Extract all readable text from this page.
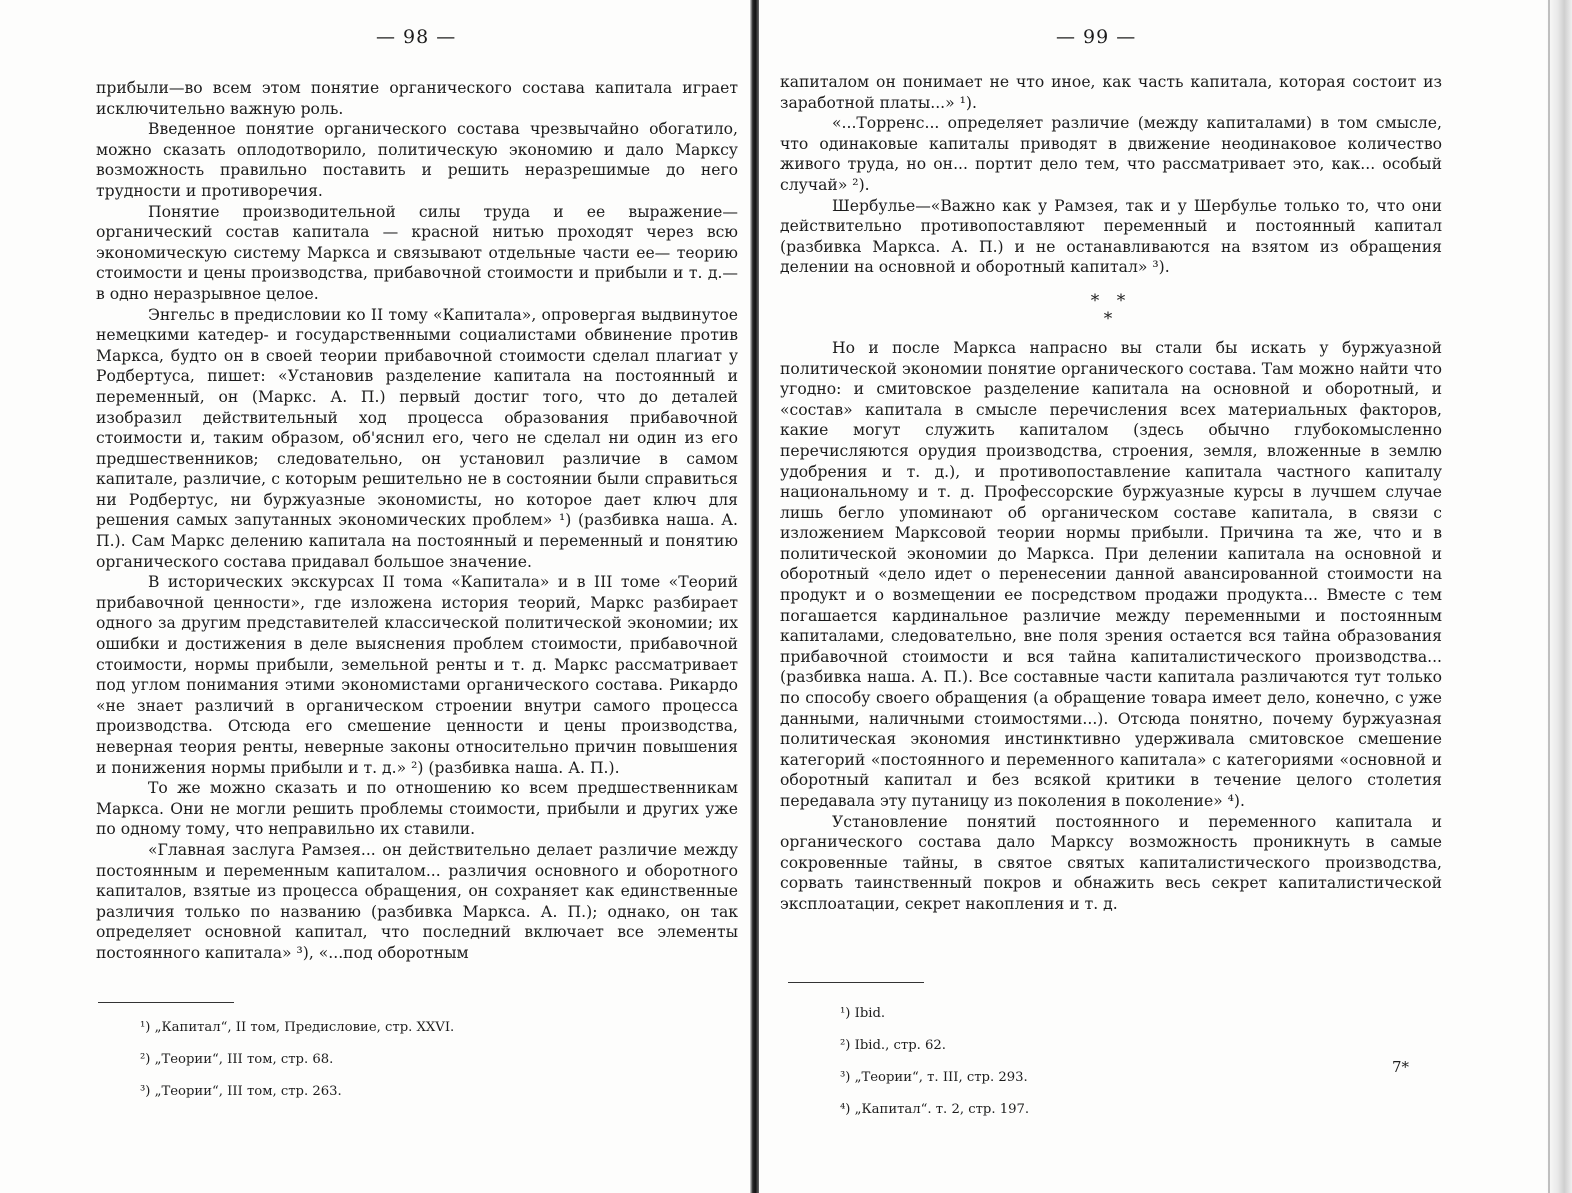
— 98 —

прибыли—во всем этом понятие органического состава капитала играет исключительно важную роль.

Введенное понятие органического состава чрезвычайно обогатило, можно сказать оплодотворило, политическую экономию и дало Марксу возможность правильно поставить и решить неразрешимые до него трудности и противоречия.

Понятие производительной силы труда и ее выражение—органический состав капитала — красной нитью проходят через всю экономическую систему Маркса и связывают отдельные части ее— теорию стоимости и цены производства, прибавочной стоимости и прибыли и т. д.—в одно неразрывное целое.

Энгельс в предисловии ко II тому «Капитала», опровергая выдвинутое немецкими катедер- и государственными социалистами обвинение против Маркса, будто он в своей теории прибавочной стоимости сделал плагиат у Родбертуса, пишет: «Установив разделение капитала на постоянный и переменный, он (Маркс. А. П.) первый достиг того, что до деталей изобразил действительный ход процесса образования прибавочной стоимости и, таким образом, об'яснил его, чего не сделал ни один из его предшественников; следовательно, он установил различие в самом капитале, различие, с которым решительно не в состоянии были справиться ни Родбертус, ни буржуазные экономисты, но которое дает ключ для решения самых запутанных экономических проблем» ¹) (разбивка наша. А. П.). Сам Маркс делению капитала на постоянный и переменный и понятию органического состава придавал большое значение.

В исторических экскурсах II тома «Капитала» и в III томе «Теорий прибавочной ценности», где изложена история теорий, Маркс разбирает одного за другим представителей классической политической экономии; их ошибки и достижения в деле выяснения проблем стоимости, прибавочной стоимости, нормы прибыли, земельной ренты и т. д. Маркс рассматривает под углом понимания этими экономистами органического состава. Рикардо «не знает различий в органическом строении внутри самого процесса производства. Отсюда его смешение ценности и цены производства, неверная теория ренты, неверные законы относительно причин повышения и понижения нормы прибыли и т. д.» ²) (разбивка наша. А. П.).

То же можно сказать и по отношению ко всем предшественникам Маркса. Они не могли решить проблемы стоимости, прибыли и других уже по одному тому, что неправильно их ставили.

«Главная заслуга Рамзея... он действительно делает различие между постоянным и переменным капиталом... различия основного и оборотного капиталов, взятые из процесса обращения, он сохраняет как единственные различия только по названию (разбивка Маркса. А. П.); однако, он так определяет основной капитал, что последний включает все элементы постоянного капитала» ³), «...под оборотным

¹) „Капитал“, II том, Предисловие, стр. XXVI.

²) „Теории“, III том, стр. 68.

³) „Теории“, III том, стр. 263.

— 99 —

капиталом он понимает не что иное, как часть капитала, которая состоит из заработной платы...» ¹).

«...Торренс... определяет различие (между капиталами) в том смысле, что одинаковые капиталы приводят в движение неодинаковое количество живого труда, но он... портит дело тем, что рассматривает это, как... особый случай» ²).

Шербулье—«Важно как у Рамзея, так и у Шербулье только то, что они действительно противопоставляют переменный и постоянный капитал (разбивка Маркса. А. П.) и не останавливаются на взятом из обращения делении на основной и оборотный капитал» ³).

* *
*

Но и после Маркса напрасно вы стали бы искать у буржуазной политической экономии понятие органического состава. Там можно найти что угодно: и смитовское разделение капитала на основной и оборотный, и «состав» капитала в смысле перечисления всех материальных факторов, какие могут служить капиталом (здесь обычно глубокомысленно перечисляются орудия производства, строения, земля, вложенные в землю удобрения и т. д.), и противопоставление капитала частного капиталу национальному и т. д. Профессорские буржуазные курсы в лучшем случае лишь бегло упоминают об органическом составе капитала, в связи с изложением Марксовой теории нормы прибыли. Причина та же, что и в политической экономии до Маркса. При делении капитала на основной и оборотный «дело идет о перенесении данной авансированной стоимости на продукт и о возмещении ее посредством продажи продукта... Вместе с тем погашается кардинальное различие между переменными и постоянным капиталами, следовательно, вне поля зрения остается вся тайна образования прибавочной стоимости и вся тайна капиталистического производства... (разбивка наша. А. П.). Все составные части капитала различаются тут только по способу своего обращения (а обращение товара имеет дело, конечно, с уже данными, наличными стоимостями...). Отсюда понятно, почему буржуазная политическая экономия инстинктивно удерживала смитовское смешение категорий «постоянного и переменного капитала» с категориями «основной и оборотный капитал и без всякой критики в течение целого столетия передавала эту путаницу из поколения в поколение» ⁴).

Установление понятий постоянного и переменного капитала и органического состава дало Марксу возможность проникнуть в самые сокровенные тайны, в святое святых капиталистического производства, сорвать таинственный покров и обнажить весь секрет капиталистической эксплоатации, секрет накопления и т. д.

¹) Ibid.

²) Ibid., стр. 62.

³) „Теории“, т. III, стр. 293.

⁴) „Капитал“. т. 2, стр. 197.

7*
